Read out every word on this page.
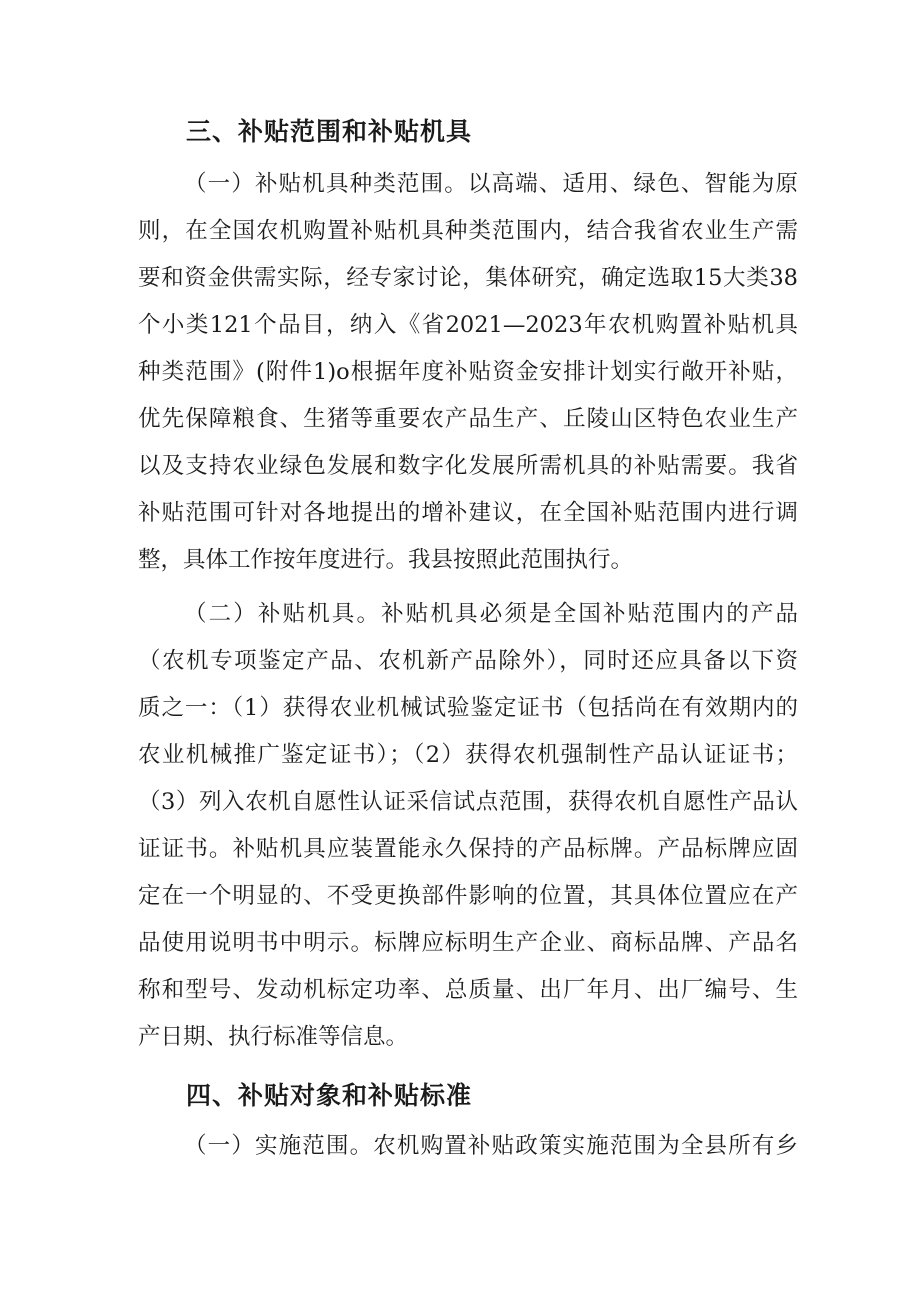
三、补贴范围和补贴机具
（一）补贴机具种类范围。以高端、适用、绿色、智能为原
则，在全国农机购置补贴机具种类范围内，结合我省农业生产需
要和资金供需实际，经专家讨论，集体研究，确定选取15大类38
个小类121个品目，纳入《省2021—2023年农机购置补贴机具
种类范围》(附件1)o根据年度补贴资金安排计划实行敞开补贴，
优先保障粮食、生猪等重要农产品生产、丘陵山区特色农业生产
以及支持农业绿色发展和数字化发展所需机具的补贴需要。我省
补贴范围可针对各地提出的增补建议，在全国补贴范围内进行调
整，具体工作按年度进行。我县按照此范围执行。
（二）补贴机具。补贴机具必须是全国补贴范围内的产品
（农机专项鉴定产品、农机新产品除外），同时还应具备以下资
质之一：（1）获得农业机械试验鉴定证书（包括尚在有效期内的
农业机械推广鉴定证书）；（2）获得农机强制性产品认证证书；
（3）列入农机自愿性认证采信试点范围，获得农机自愿性产品认
证证书。补贴机具应装置能永久保持的产品标牌。产品标牌应固
定在一个明显的、不受更换部件影响的位置，其具体位置应在产
品使用说明书中明示。标牌应标明生产企业、商标品牌、产品名
称和型号、发动机标定功率、总质量、出厂年月、出厂编号、生
产日期、执行标准等信息。
四、补贴对象和补贴标准
（一）实施范围。农机购置补贴政策实施范围为全县所有乡
